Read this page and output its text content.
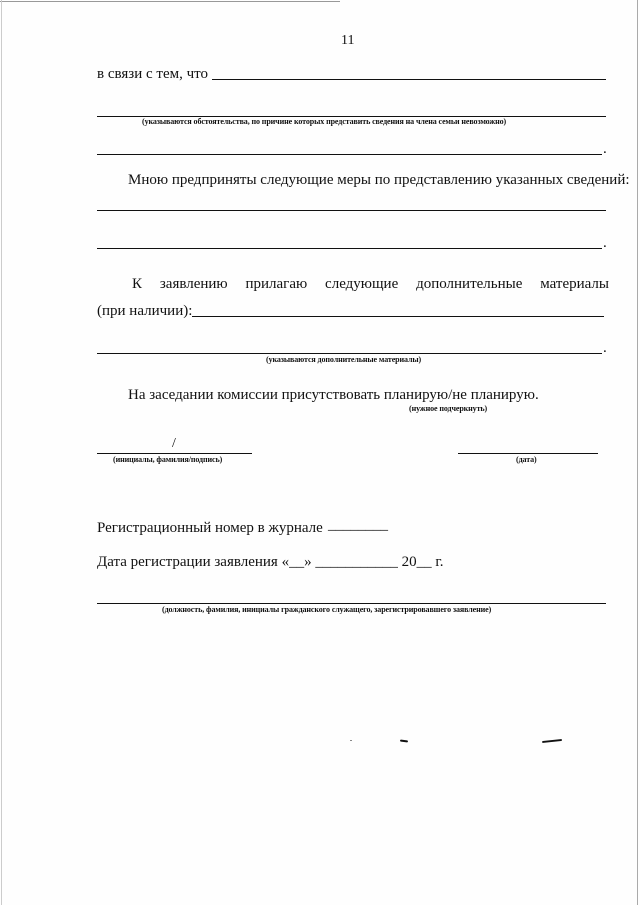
11
в связи с тем, что
(указываются обстоятельства, по причине которых представить сведения на члена семьи невозможно)
.
Мною предприняты следующие меры по представлению указанных сведений:
.
К заявлению прилагаю следующие дополнительные материалы
(при наличии):
.
(указываются дополнительные материалы)
На заседании комиссии присутствовать планирую/не планирую.
(нужное подчеркнуть)
/
(инициалы, фамилия/подпись)	(дата)
Регистрационный номер в журнале ________
Дата регистрации заявления «__» ___________ 20__ г.
(должность, фамилия, инициалы гражданского служащего, зарегистрировавшего заявление)
